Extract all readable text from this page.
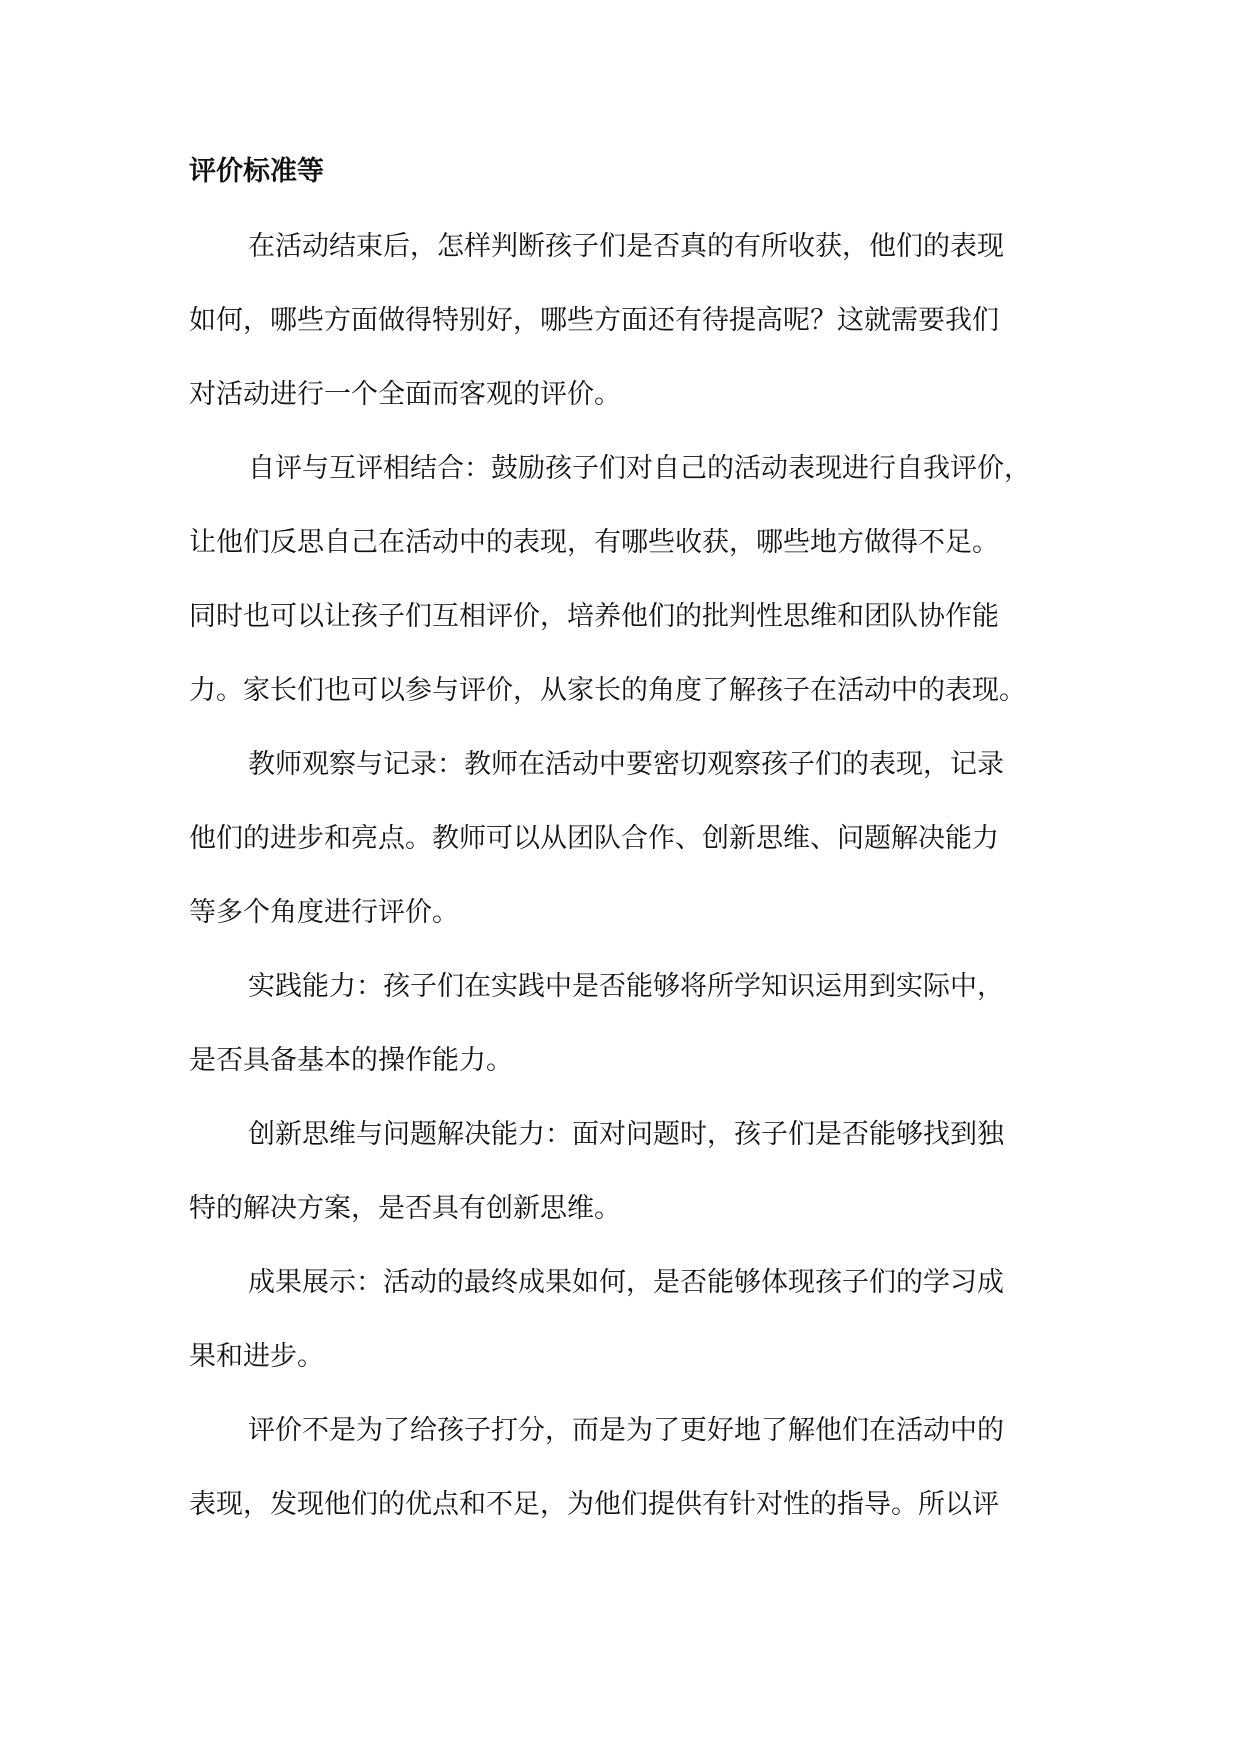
评价标准等
在活动结束后，怎样判断孩子们是否真的有所收获，他们的表现
如何，哪些方面做得特别好，哪些方面还有待提高呢？这就需要我们
对活动进行一个全面而客观的评价。
自评与互评相结合：鼓励孩子们对自己的活动表现进行自我评价，
让他们反思自己在活动中的表现，有哪些收获，哪些地方做得不足。
同时也可以让孩子们互相评价，培养他们的批判性思维和团队协作能
力。家长们也可以参与评价，从家长的角度了解孩子在活动中的表现。
教师观察与记录：教师在活动中要密切观察孩子们的表现，记录
他们的进步和亮点。教师可以从团队合作、创新思维、问题解决能力
等多个角度进行评价。
实践能力：孩子们在实践中是否能够将所学知识运用到实际中，
是否具备基本的操作能力。
创新思维与问题解决能力：面对问题时，孩子们是否能够找到独
特的解决方案，是否具有创新思维。
成果展示：活动的最终成果如何，是否能够体现孩子们的学习成
果和进步。
评价不是为了给孩子打分，而是为了更好地了解他们在活动中的
表现，发现他们的优点和不足，为他们提供有针对性的指导。所以评
